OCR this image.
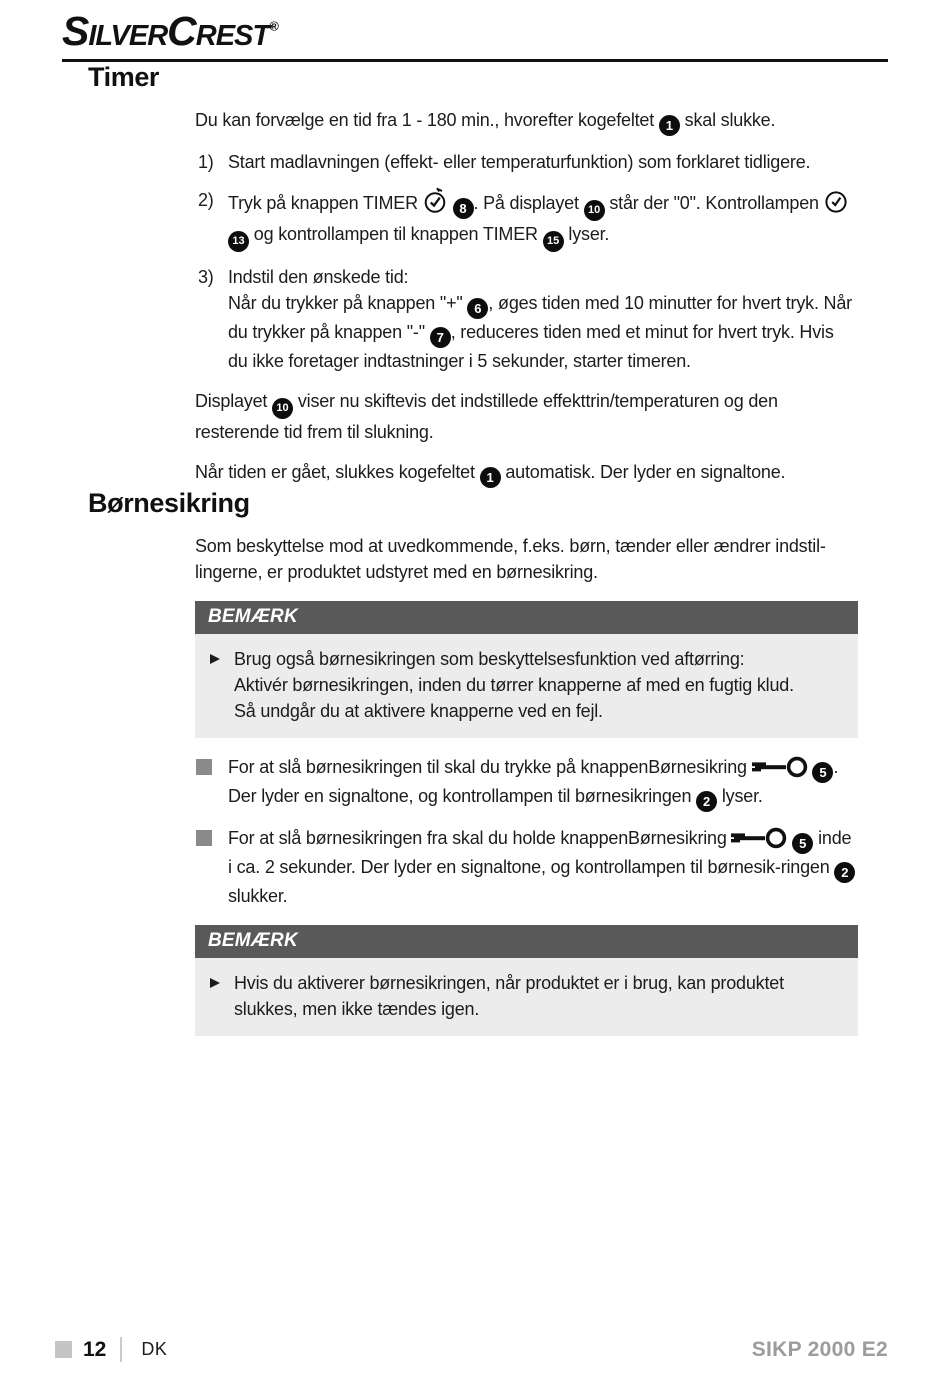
SilverCrest®
Timer

Du kan forvælge en tid fra 1 - 180 min., hvorefter kogefeltet 1 skal slukke.

1) Start madlavningen (effekt- eller temperaturfunktion) som forklaret tidligere.
2) Tryk på knappen TIMER	8 . På displayet 10 står der "0". Kontrollampen
13 og kontrollampen til knappen TIMER 15 lyser.
3) Indstil den ønskede tid:
Når du trykker på knappen "+" 6 , øges tiden med 10 minutter for hvert tryk. Når du trykker på knappen "-" 7 , reduceres tiden med et minut for hvert tryk. Hvis du ikke foretager indtastninger i 5 sekunder, starter timeren.

Displayet 10 viser nu skiftevis det indstillede effekttrin/temperaturen og den resterende tid frem til slukning.

Når tiden er gået, slukkes kogefeltet 1 automatisk. Der lyder en signaltone.

Børnesikring

Som beskyttelse mod at uvedkommende, f.eks. børn, tænder eller ændrer indstil-
lingerne, er produktet udstyret med en børnesikring.

BEMÆRK
Brug også børnesikringen som beskyttelsesfunktion ved aftørring:
Aktivér børnesikringen, inden du tørrer knapperne af med en fugtig klud.
Så undgår du at aktivere knapperne ved en fejl.
For at slå børnesikringen til skal du trykke på knappenBørnesikring	5 . Der lyder en signaltone, og kontrollampen til børnesikringen 2 lyser.
For at slå børnesikringen fra skal du holde knappenBørnesikring	5 inde i ca. 2 sekunder. Der lyder en signaltone, og kontrollampen til børnesik-ringen 2 slukker.
BEMÆRK
Hvis du aktiverer børnesikringen, når produktet er i brug, kan produktet slukkes, men ikke tændes igen.
12 DK	SIKP 2000 E2
